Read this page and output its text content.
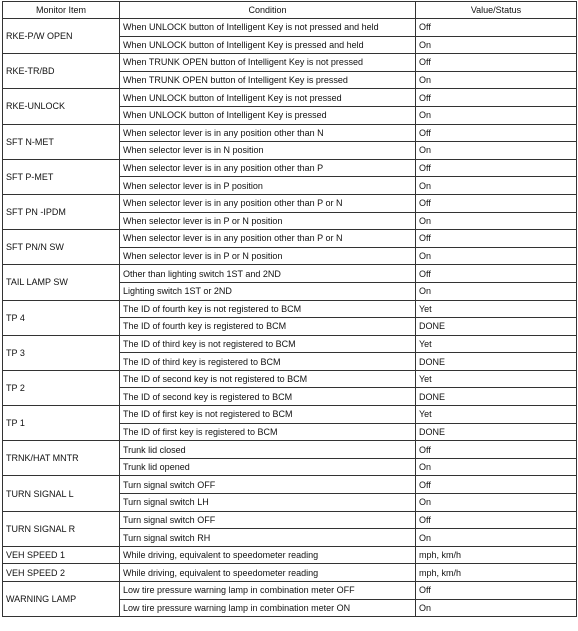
Monitor Item	Condition	Value/Status
RKE-P/W OPEN	When UNLOCK button of Intelligent Key is not pressed and held	Off
	When UNLOCK button of Intelligent Key is pressed and held	On
RKE-TR/BD	When TRUNK OPEN button of Intelligent Key is not pressed	Off
	When TRUNK OPEN button of Intelligent Key is pressed	On
RKE-UNLOCK	When UNLOCK button of Intelligent Key is not pressed	Off
	When UNLOCK button of Intelligent Key is pressed	On
SFT N-MET	When selector lever is in any position other than N	Off
	When selector lever is in N position	On
SFT P-MET	When selector lever is in any position other than P	Off
	When selector lever is in P position	On
SFT PN -IPDM	When selector lever is in any position other than P or N	Off
	When selector lever is in P or N position	On
SFT PN/N SW	When selector lever is in any position other than P or N	Off
	When selector lever is in P or N position	On
TAIL LAMP SW	Other than lighting switch 1ST and 2ND	Off
	Lighting switch 1ST or 2ND	On
TP 4	The ID of fourth key is not registered to BCM	Yet
	The ID of fourth key is registered to BCM	DONE
TP 3	The ID of third key is not registered to BCM	Yet
	The ID of third key is registered to BCM	DONE
TP 2	The ID of second key is not registered to BCM	Yet
	The ID of second key is registered to BCM	DONE
TP 1	The ID of first key is not registered to BCM	Yet
	The ID of first key is registered to BCM	DONE
TRNK/HAT MNTR	Trunk lid closed	Off
	Trunk lid opened	On
TURN SIGNAL L	Turn signal switch OFF	Off
	Turn signal switch LH	On
TURN SIGNAL R	Turn signal switch OFF	Off
	Turn signal switch RH	On
VEH SPEED 1	While driving, equivalent to speedometer reading	mph, km/h
VEH SPEED 2	While driving, equivalent to speedometer reading	mph, km/h
WARNING LAMP	Low tire pressure warning lamp in combination meter OFF	Off
	Low tire pressure warning lamp in combination meter ON	On
